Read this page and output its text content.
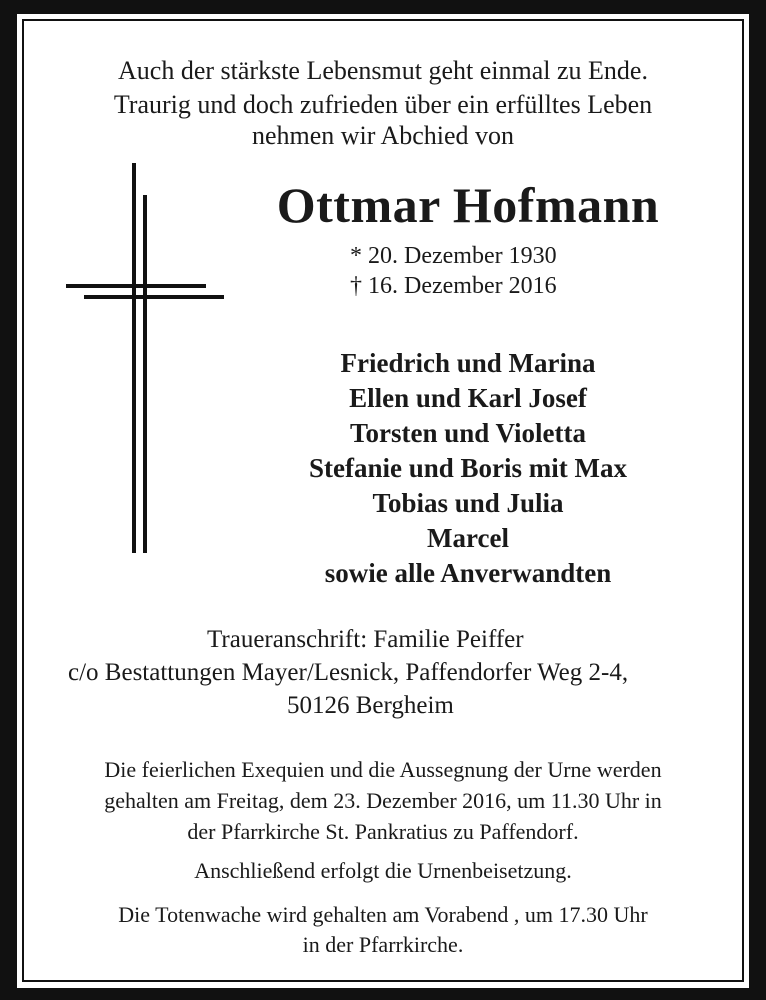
Auch der stärkste Lebensmut geht einmal zu Ende.
Traurig und doch zufrieden über ein erfülltes Leben
nehmen wir Abchied von
Ottmar Hofmann
* 20. Dezember 1930
† 16. Dezember 2016
Friedrich und Marina
Ellen und Karl Josef
Torsten und Violetta
Stefanie und Boris mit Max
Tobias und Julia
Marcel
sowie alle Anverwandten
Traueranschrift: Familie Peiffer
c/o Bestattungen Mayer/Lesnick, Paffendorfer Weg 2-4,
50126 Bergheim
Die feierlichen Exequien und die Aussegnung der Urne werden
gehalten am Freitag, dem 23. Dezember 2016, um 11.30 Uhr in
der Pfarrkirche St. Pankratius zu Paffendorf.
Anschließend erfolgt die Urnenbeisetzung.
Die Totenwache wird gehalten am Vorabend , um 17.30 Uhr
in der Pfarrkirche.
